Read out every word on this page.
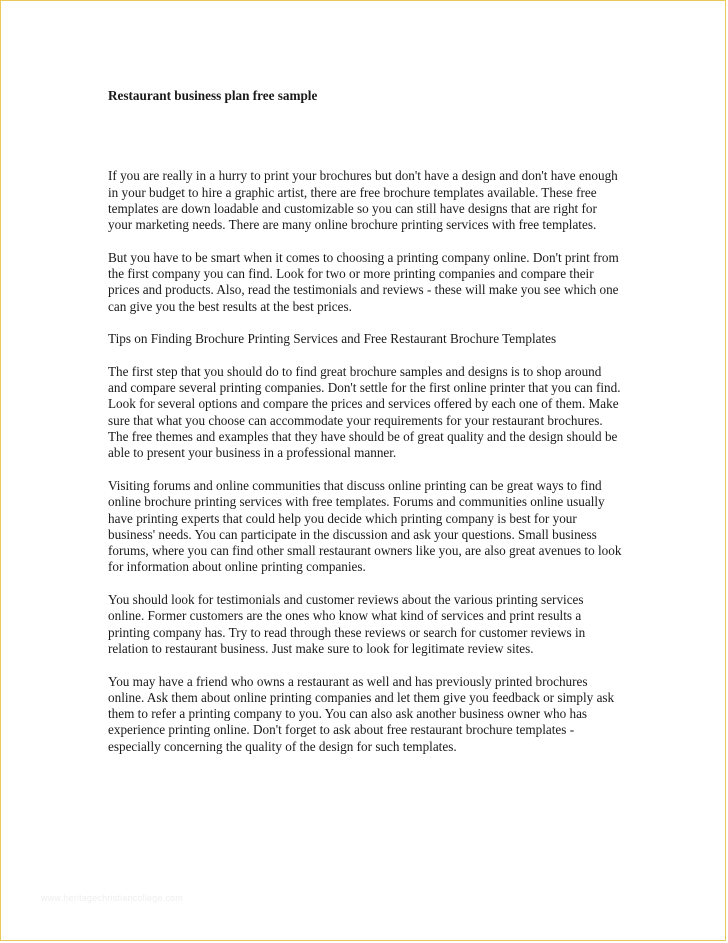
Restaurant business plan free sample

If you are really in a hurry to print your brochures but don't have a design and don't have enough in your budget to hire a graphic artist, there are free brochure templates available. These free templates are down loadable and customizable so you can still have designs that are right for your marketing needs. There are many online brochure printing services with free templates.

But you have to be smart when it comes to choosing a printing company online. Don't print from the first company you can find. Look for two or more printing companies and compare their prices and products. Also, read the testimonials and reviews - these will make you see which one can give you the best results at the best prices.

Tips on Finding Brochure Printing Services and Free Restaurant Brochure Templates

The first step that you should do to find great brochure samples and designs is to shop around and compare several printing companies. Don't settle for the first online printer that you can find. Look for several options and compare the prices and services offered by each one of them. Make sure that what you choose can accommodate your requirements for your restaurant brochures. The free themes and examples that they have should be of great quality and the design should be able to present your business in a professional manner.

Visiting forums and online communities that discuss online printing can be great ways to find online brochure printing services with free templates. Forums and communities online usually have printing experts that could help you decide which printing company is best for your business' needs. You can participate in the discussion and ask your questions. Small business forums, where you can find other small restaurant owners like you, are also great avenues to look for information about online printing companies.

You should look for testimonials and customer reviews about the various printing services online. Former customers are the ones who know what kind of services and print results a printing company has. Try to read through these reviews or search for customer reviews in relation to restaurant business. Just make sure to look for legitimate review sites.

You may have a friend who owns a restaurant as well and has previously printed brochures online. Ask them about online printing companies and let them give you feedback or simply ask them to refer a printing company to you. You can also ask another business owner who has experience printing online. Don't forget to ask about free restaurant brochure templates - especially concerning the quality of the design for such templates.

www.heritagechristiancollege.com
